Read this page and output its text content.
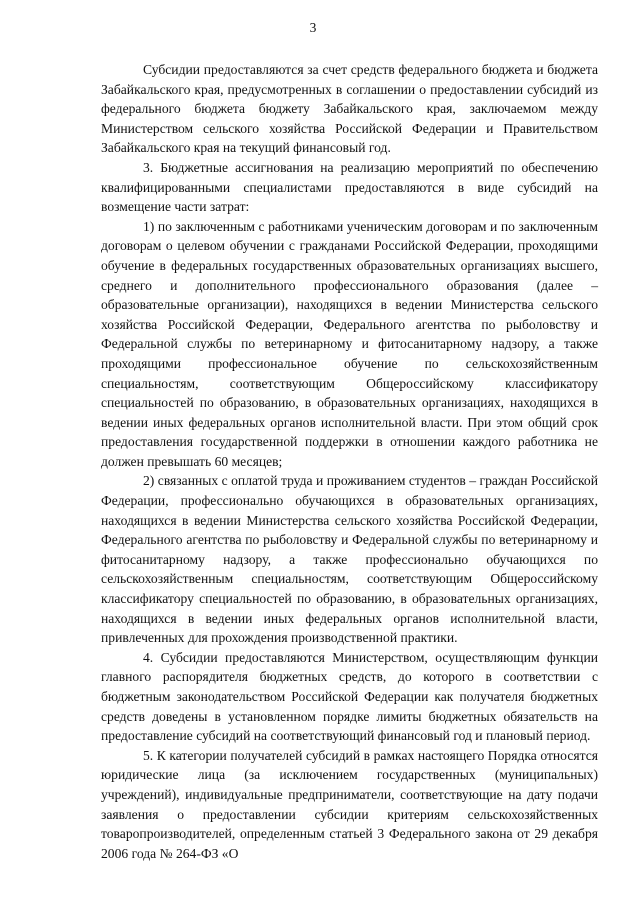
3

Субсидии предоставляются за счет средств федерального бюджета и бюджета Забайкальского края, предусмотренных в соглашении о предоставлении субсидий из федерального бюджета бюджету Забайкальского края, заключаемом между Министерством сельского хозяйства Российской Федерации и Правительством Забайкальского края на текущий финансовый год.

3. Бюджетные ассигнования на реализацию мероприятий по обеспечению квалифицированными специалистами предоставляются в виде субсидий на возмещение части затрат:

1) по заключенным с работниками ученическим договорам и по заключенным договорам о целевом обучении с гражданами Российской Федерации, проходящими обучение в федеральных государственных образовательных организациях высшего, среднего и дополнительного профессионального образования (далее – образовательные организации), находящихся в ведении Министерства сельского хозяйства Российской Федерации, Федерального агентства по рыболовству и Федеральной службы по ветеринарному и фитосанитарному надзору, а также проходящими профессиональное обучение по сельскохозяйственным специальностям, соответствующим Общероссийскому классификатору специальностей по образованию, в образовательных организациях, находящихся в ведении иных федеральных органов исполнительной власти. При этом общий срок предоставления государственной поддержки в отношении каждого работника не должен превышать 60 месяцев;

2) связанных с оплатой труда и проживанием студентов – граждан Российской Федерации, профессионально обучающихся в образовательных организациях, находящихся в ведении Министерства сельского хозяйства Российской Федерации, Федерального агентства по рыболовству и Федеральной службы по ветеринарному и фитосанитарному надзору, а также профессионально обучающихся по сельскохозяйственным специальностям, соответствующим Общероссийскому классификатору специальностей по образованию, в образовательных организациях, находящихся в ведении иных федеральных органов исполнительной власти, привлеченных для прохождения производственной практики.

4. Субсидии предоставляются Министерством, осуществляющим функции главного распорядителя бюджетных средств, до которого в соответствии с бюджетным законодательством Российской Федерации как получателя бюджетных средств доведены в установленном порядке лимиты бюджетных обязательств на предоставление субсидий на соответствующий финансовый год и плановый период.

5. К категории получателей субсидий в рамках настоящего Порядка относятся юридические лица (за исключением государственных (муниципальных) учреждений), индивидуальные предприниматели, соответствующие на дату подачи заявления о предоставлении субсидии критериям сельскохозяйственных товаропроизводителей, определенным статьей 3 Федерального закона от 29 декабря 2006 года № 264-ФЗ «О
